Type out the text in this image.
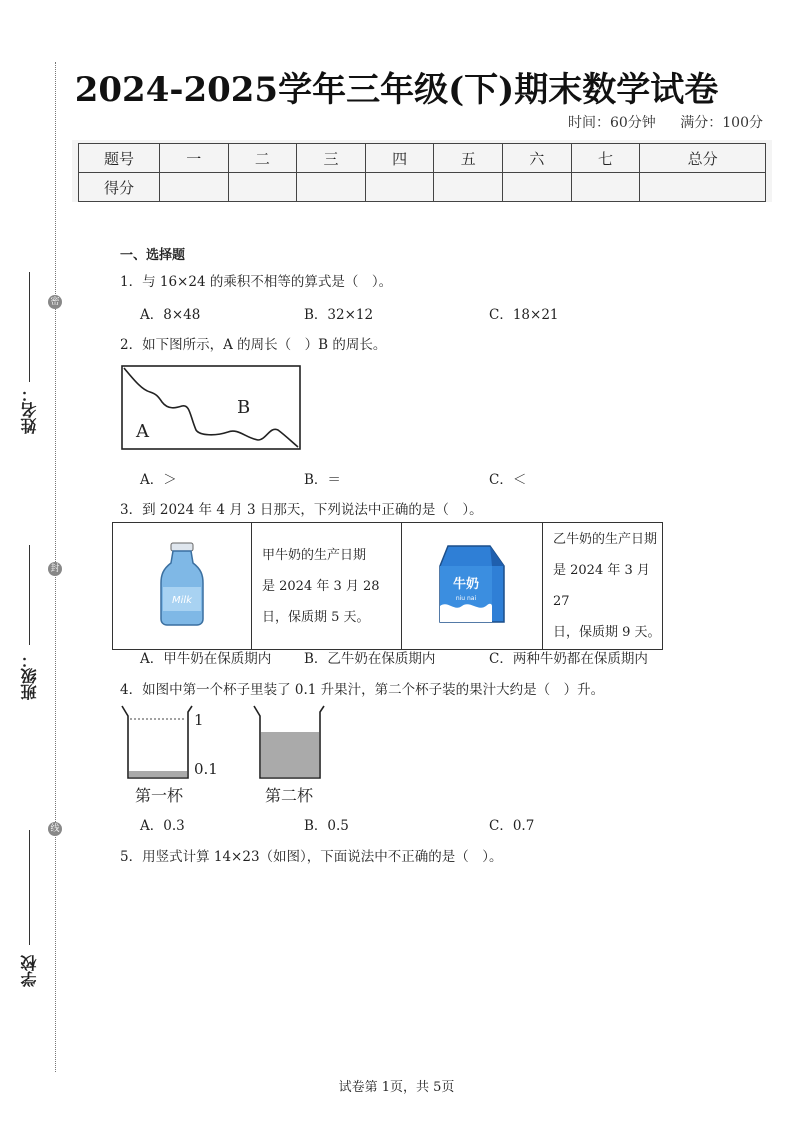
2024-2025学年三年级(下)期末数学试卷
时间：60分钟 满分：100分
题号	一	二	三	四	五	六	七	总分
得分								
密
封
线
姓名：
班级：
学校
一、选择题
1．与 16×24 的乘积不相等的算式是（　）。
A．8×48	B．32×12	C．18×21
2．如下图所示，A 的周长（　）B 的周长。
A
B
A．＞	B．＝	C．＜
3．到 2024 年 4 月 3 日那天，下列说法中正确的是（　）。
Milk

甲牛奶的生产日期
是 2024 年 3 月 28
日，保质期 5 天。

牛奶
niu nai

乙牛奶的生产日期
是 2024 年 3 月 27
日，保质期 9 天。
A．甲牛奶在保质期内 B．乙牛奶在保质期内	C．两种牛奶都在保质期内
4．如图中第一个杯子里装了 0.1 升果汁，第二个杯子装的果汁大约是（　）升。
1
0.1
第一杯	第二杯
A．0.3	B．0.5	C．0.7
5．用竖式计算 14×23（如图），下面说法中不正确的是（　）。
试卷第 1页，共 5页
